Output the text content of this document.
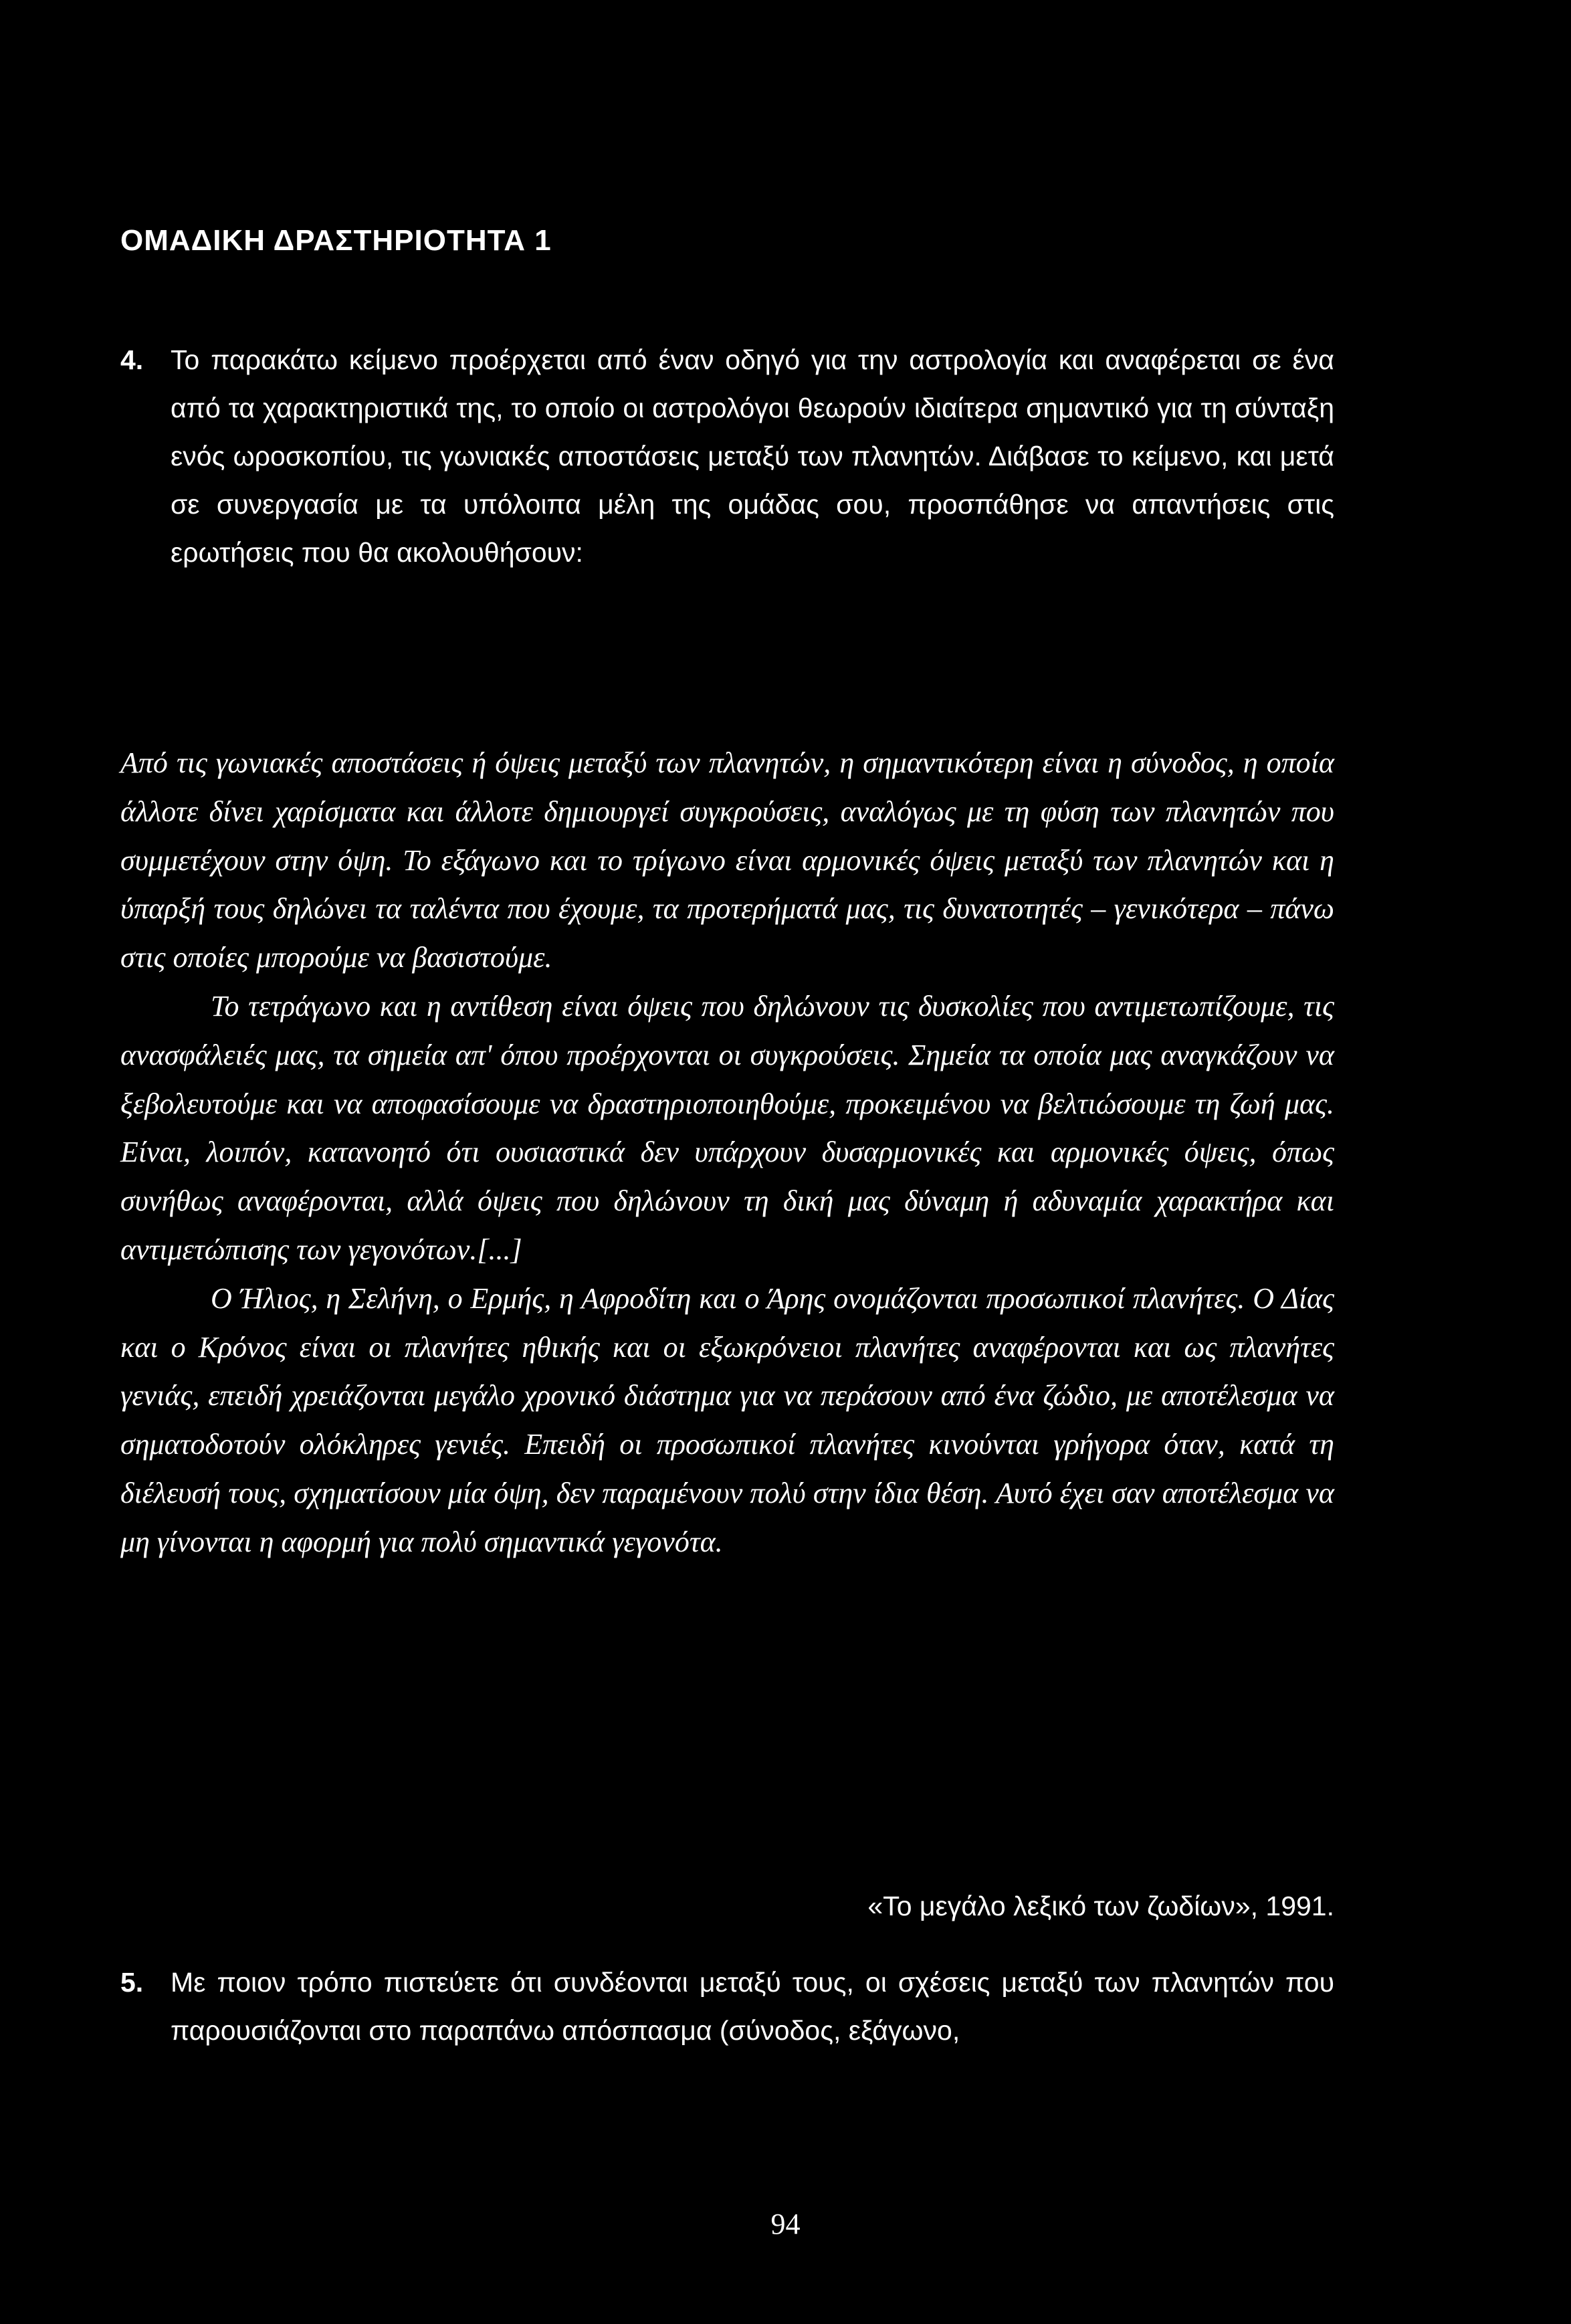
ΟΜΑΔΙΚΗ ΔΡΑΣΤΗΡΙΟΤΗΤΑ 1
4. Το παρακάτω κείμενο προέρχεται από έναν οδηγό για την αστρολογία και αναφέρεται σε ένα από τα χαρακτηριστικά της, το οποίο οι αστρολόγοι θεωρούν ιδιαίτερα σημαντικό για τη σύνταξη ενός ωροσκοπίου, τις γωνιακές αποστάσεις μεταξύ των πλανητών. Διάβασε το κείμενο, και μετά σε συνεργασία με τα υπόλοιπα μέλη της ομάδας σου, προσπάθησε να απαντήσεις στις ερωτήσεις που θα ακολουθήσουν:

Από τις γωνιακές αποστάσεις ή όψεις μεταξύ των πλανητών, η σημαντικότερη είναι η σύνοδος, η οποία άλλοτε δίνει χαρίσματα και άλλοτε δημιουργεί συγκρούσεις, αναλόγως με τη φύση των πλανητών που συμμετέχουν στην όψη. Το εξάγωνο και το τρίγωνο είναι αρμονικές όψεις μεταξύ των πλανητών και η ύπαρξή τους δηλώνει τα ταλέντα που έχουμε, τα προτερήματά μας, τις δυνατοτητές – γενικότερα – πάνω στις οποίες μπορούμε να βασιστούμε.

Το τετράγωνο και η αντίθεση είναι όψεις που δηλώνουν τις δυσκολίες που αντιμετωπίζουμε, τις ανασφάλειές μας, τα σημεία απ' όπου προέρχονται οι συγκρούσεις. Σημεία τα οποία μας αναγκάζουν να ξεβολευτούμε και να αποφασίσουμε να δραστηριοποιηθούμε, προκειμένου να βελτιώσουμε τη ζωή μας. Είναι, λοιπόν, κατανοητό ότι ουσιαστικά δεν υπάρχουν δυσαρμονικές και αρμονικές όψεις, όπως συνήθως αναφέρονται, αλλά όψεις που δηλώνουν τη δική μας δύναμη ή αδυναμία χαρακτήρα και αντιμετώπισης των γεγονότων.[...]

Ο Ήλιος, η Σελήνη, ο Ερμής, η Αφροδίτη και ο Άρης ονομάζονται προσωπικοί πλανήτες. Ο Δίας και ο Κρόνος είναι οι πλανήτες ηθικής και οι εξωκρόνειοι πλανήτες αναφέρονται και ως πλανήτες γενιάς, επειδή χρειάζονται μεγάλο χρονικό διάστημα για να περάσουν από ένα ζώδιο, με αποτέλεσμα να σηματοδοτούν ολόκληρες γενιές. Επειδή οι προσωπικοί πλανήτες κινούνται γρήγορα όταν, κατά τη διέλευσή τους, σχηματίσουν μία όψη, δεν παραμένουν πολύ στην ίδια θέση. Αυτό έχει σαν αποτέλεσμα να μη γίνονται η αφορμή για πολύ σημαντικά γεγονότα.

«Το μεγάλο λεξικό των ζωδίων», 1991.
5. Με ποιον τρόπο πιστεύετε ότι συνδέονται μεταξύ τους, οι σχέσεις μεταξύ των πλανητών που παρουσιάζονται στο παραπάνω απόσπασμα (σύνοδος, εξάγωνο,
94
